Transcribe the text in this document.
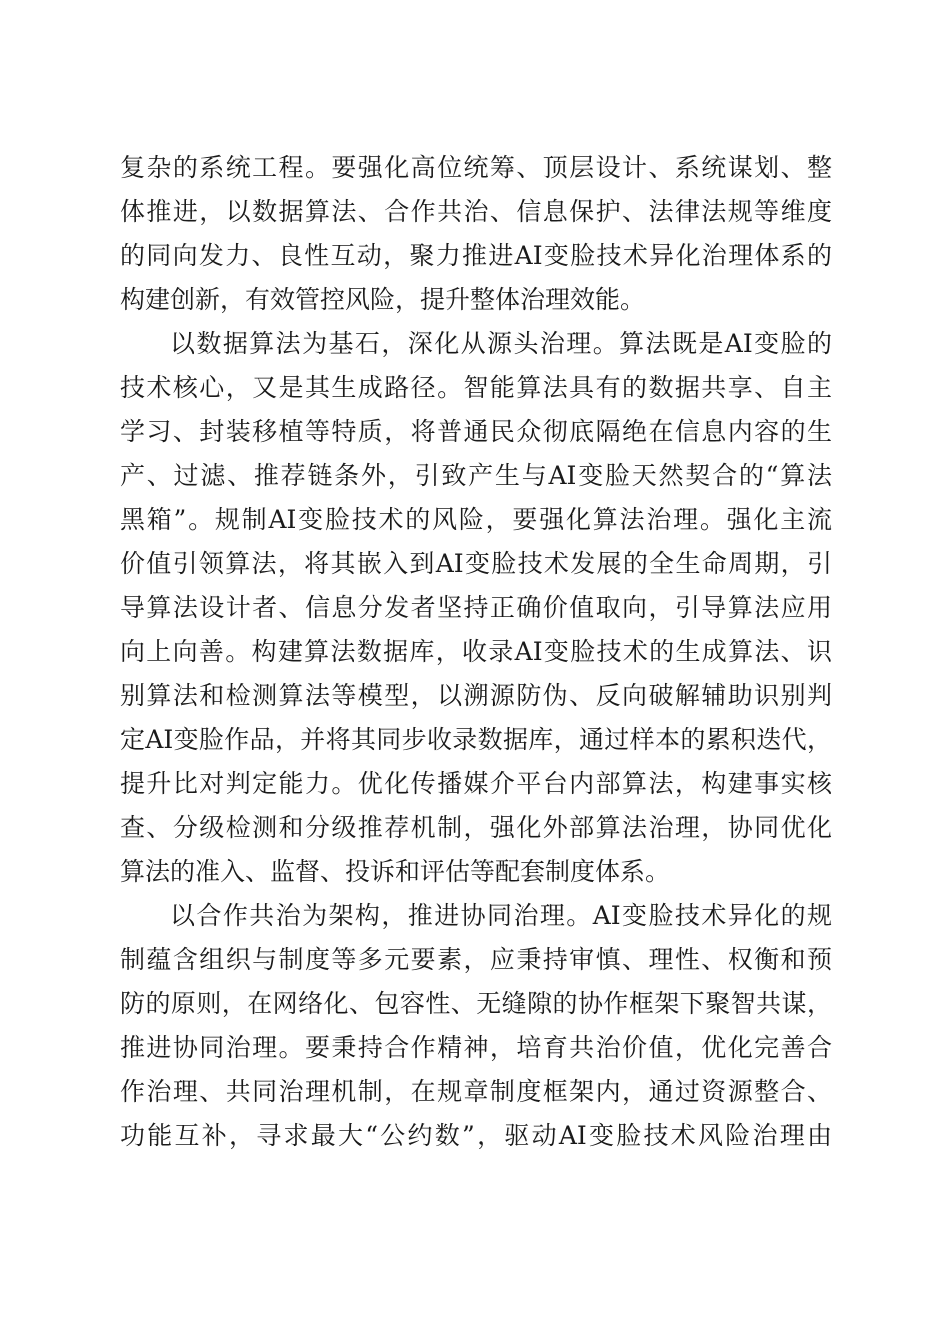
复杂的系统工程。要强化高位统筹、顶层设计、系统谋划、整
体推进，以数据算法、合作共治、信息保护、法律法规等维度
的同向发力、良性互动，聚力推进AI变脸技术异化治理体系的
构建创新，有效管控风险，提升整体治理效能。
以数据算法为基石，深化从源头治理。算法既是AI变脸的
技术核心，又是其生成路径。智能算法具有的数据共享、自主
学习、封装移植等特质，将普通民众彻底隔绝在信息内容的生
产、过滤、推荐链条外，引致产生与AI变脸天然契合的“算法
黑箱”。规制AI变脸技术的风险，要强化算法治理。强化主流
价值引领算法，将其嵌入到AI变脸技术发展的全生命周期，引
导算法设计者、信息分发者坚持正确价值取向，引导算法应用
向上向善。构建算法数据库，收录AI变脸技术的生成算法、识
别算法和检测算法等模型，以溯源防伪、反向破解辅助识别判
定AI变脸作品，并将其同步收录数据库，通过样本的累积迭代，
提升比对判定能力。优化传播媒介平台内部算法，构建事实核
查、分级检测和分级推荐机制，强化外部算法治理，协同优化
算法的准入、监督、投诉和评估等配套制度体系。
以合作共治为架构，推进协同治理。AI变脸技术异化的规
制蕴含组织与制度等多元要素，应秉持审慎、理性、权衡和预
防的原则，在网络化、包容性、无缝隙的协作框架下聚智共谋，
推进协同治理。要秉持合作精神，培育共治价值，优化完善合
作治理、共同治理机制，在规章制度框架内，通过资源整合、
功能互补，寻求最大“公约数”，驱动AI变脸技术风险治理由
